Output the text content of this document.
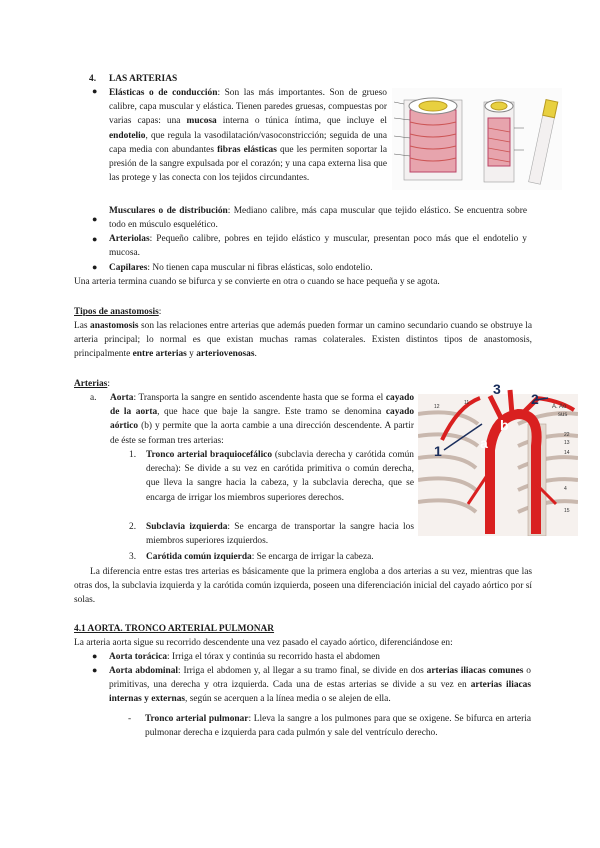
4. LAS ARTERIAS
● Elásticas o de conducción: Son las más importantes. Son de grueso calibre, capa muscular y elástica. Tienen paredes gruesas, compuestas por varias capas: una mucosa interna o túnica íntima, que incluye el endotelio, que regula la vasodilatación/vasoconstricción; seguida de una capa media con abundantes fibras elásticas que les permiten soportar la presión de la sangre expulsada por el corazón; y una capa externa lisa que las protege y las conecta con los tejidos circundantes.
●
Musculares o de distribución: Mediano calibre, más capa muscular que tejido elástico. Se encuentra sobre todo en músculo esquelético.
● Arteriolas: Pequeño calibre, pobres en tejido elástico y muscular, presentan poco más que el endotelio y mucosa.
● Capilares: No tienen capa muscular ni fibras elásticas, solo endotelio.
Una arteria termina cuando se bifurca y se convierte en otra o cuando se hace pequeña y se agota.
Tipos de anastomosis:
Las anastomosis son las relaciones entre arterias que además pueden formar un camino secundario cuando se obstruye la arteria principal; lo normal es que existan muchas ramas colaterales. Existen distintos tipos de anastomosis, principalmente entre arterias y arteriovenosas.
Arterias:
a. Aorta: Transporta la sangre en sentido ascendente hasta que se forma el cayado de la aorta, que hace que baje la sangre. Este tramo se denomina cayado aórtico (b) y permite que la aorta cambie a una dirección descendente. A partir de éste se forman tres arterias:
1. Tronco arterial braquiocefálico (subclavia derecha y carótida común derecha): Se divide a su vez en carótida primitiva o común derecha, que lleva la sangre hacia la cabeza, y la subclavia derecha, que se encarga de irrigar los miembros superiores derechos.
2. Subclavia izquierda: Se encarga de transportar la sangre hacia los miembros superiores izquierdos.
3. Carótida común izquierda: Se encarga de irrigar la cabeza.
La diferencia entre estas tres arterias es básicamente que la primera engloba a dos arterias a su vez, mientras que las otras dos, la subclavia izquierda y la carótida común izquierda, poseen una diferenciación inicial del cayado aórtico por sí solas.
3
2
1	a
b
A. Ao
sus
12
11
22
13
14
15
4
4.1 AORTA. TRONCO ARTERIAL PULMONAR
La arteria aorta sigue su recorrido descendente una vez pasado el cayado aórtico, diferenciándose en:
● Aorta torácica: Irriga el tórax y continúa su recorrido hasta el abdomen
● Aorta abdominal: Irriga el abdomen y, al llegar a su tramo final, se divide en dos arterias iliacas comunes o primitivas, una derecha y otra izquierda. Cada una de estas arterias se divide a su vez en arterias iliacas internas y externas, según se acerquen a la línea media o se alejen de ella.
- Tronco arterial pulmonar: Lleva la sangre a los pulmones para que se oxigene. Se bifurca en arteria pulmonar derecha e izquierda para cada pulmón y sale del ventrículo derecho.
